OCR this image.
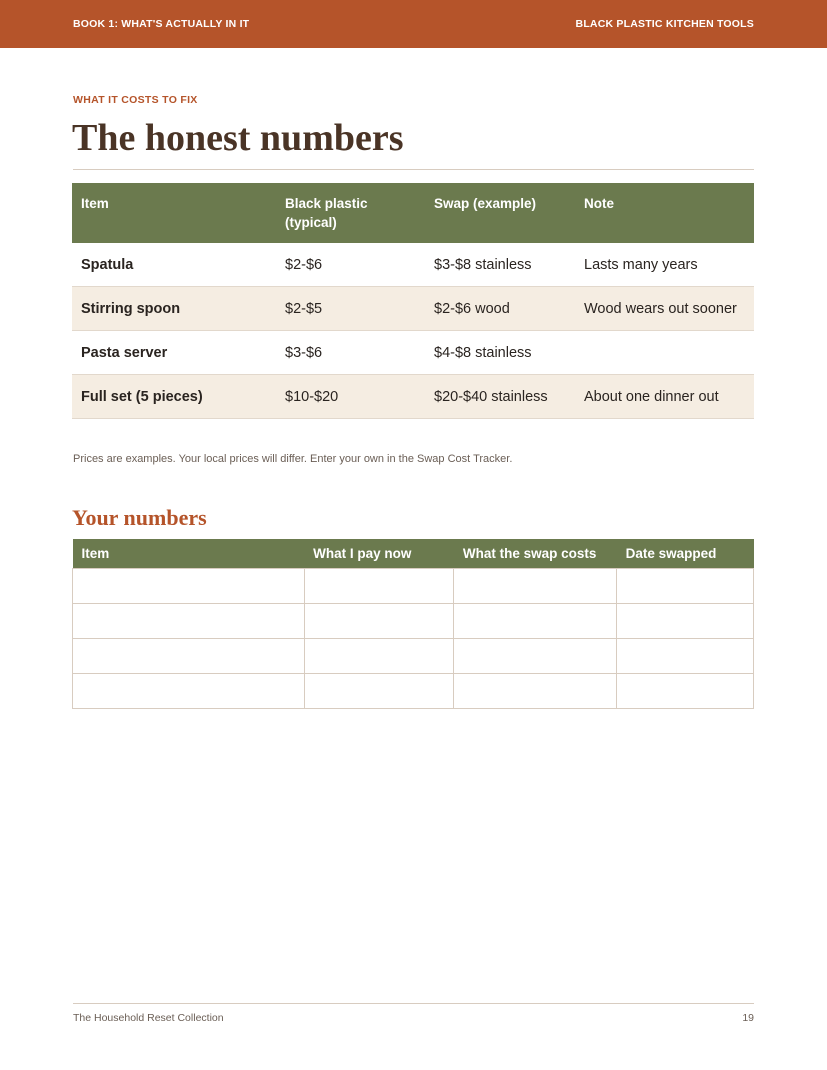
BOOK 1: WHAT'S ACTUALLY IN IT	BLACK PLASTIC KITCHEN TOOLS
WHAT IT COSTS TO FIX
The honest numbers
Item	Black plastic (typical)	Swap (example)	Note
Spatula	$2-$6	$3-$8 stainless	Lasts many years
Stirring spoon	$2-$5	$2-$6 wood	Wood wears out sooner
Pasta server	$3-$6	$4-$8 stainless	
Full set (5 pieces)	$10-$20	$20-$40 stainless	About one dinner out
Prices are examples. Your local prices will differ. Enter your own in the Swap Cost Tracker.
Your numbers
Item	What I pay now	What the swap costs	Date swapped

The Household Reset Collection	19
